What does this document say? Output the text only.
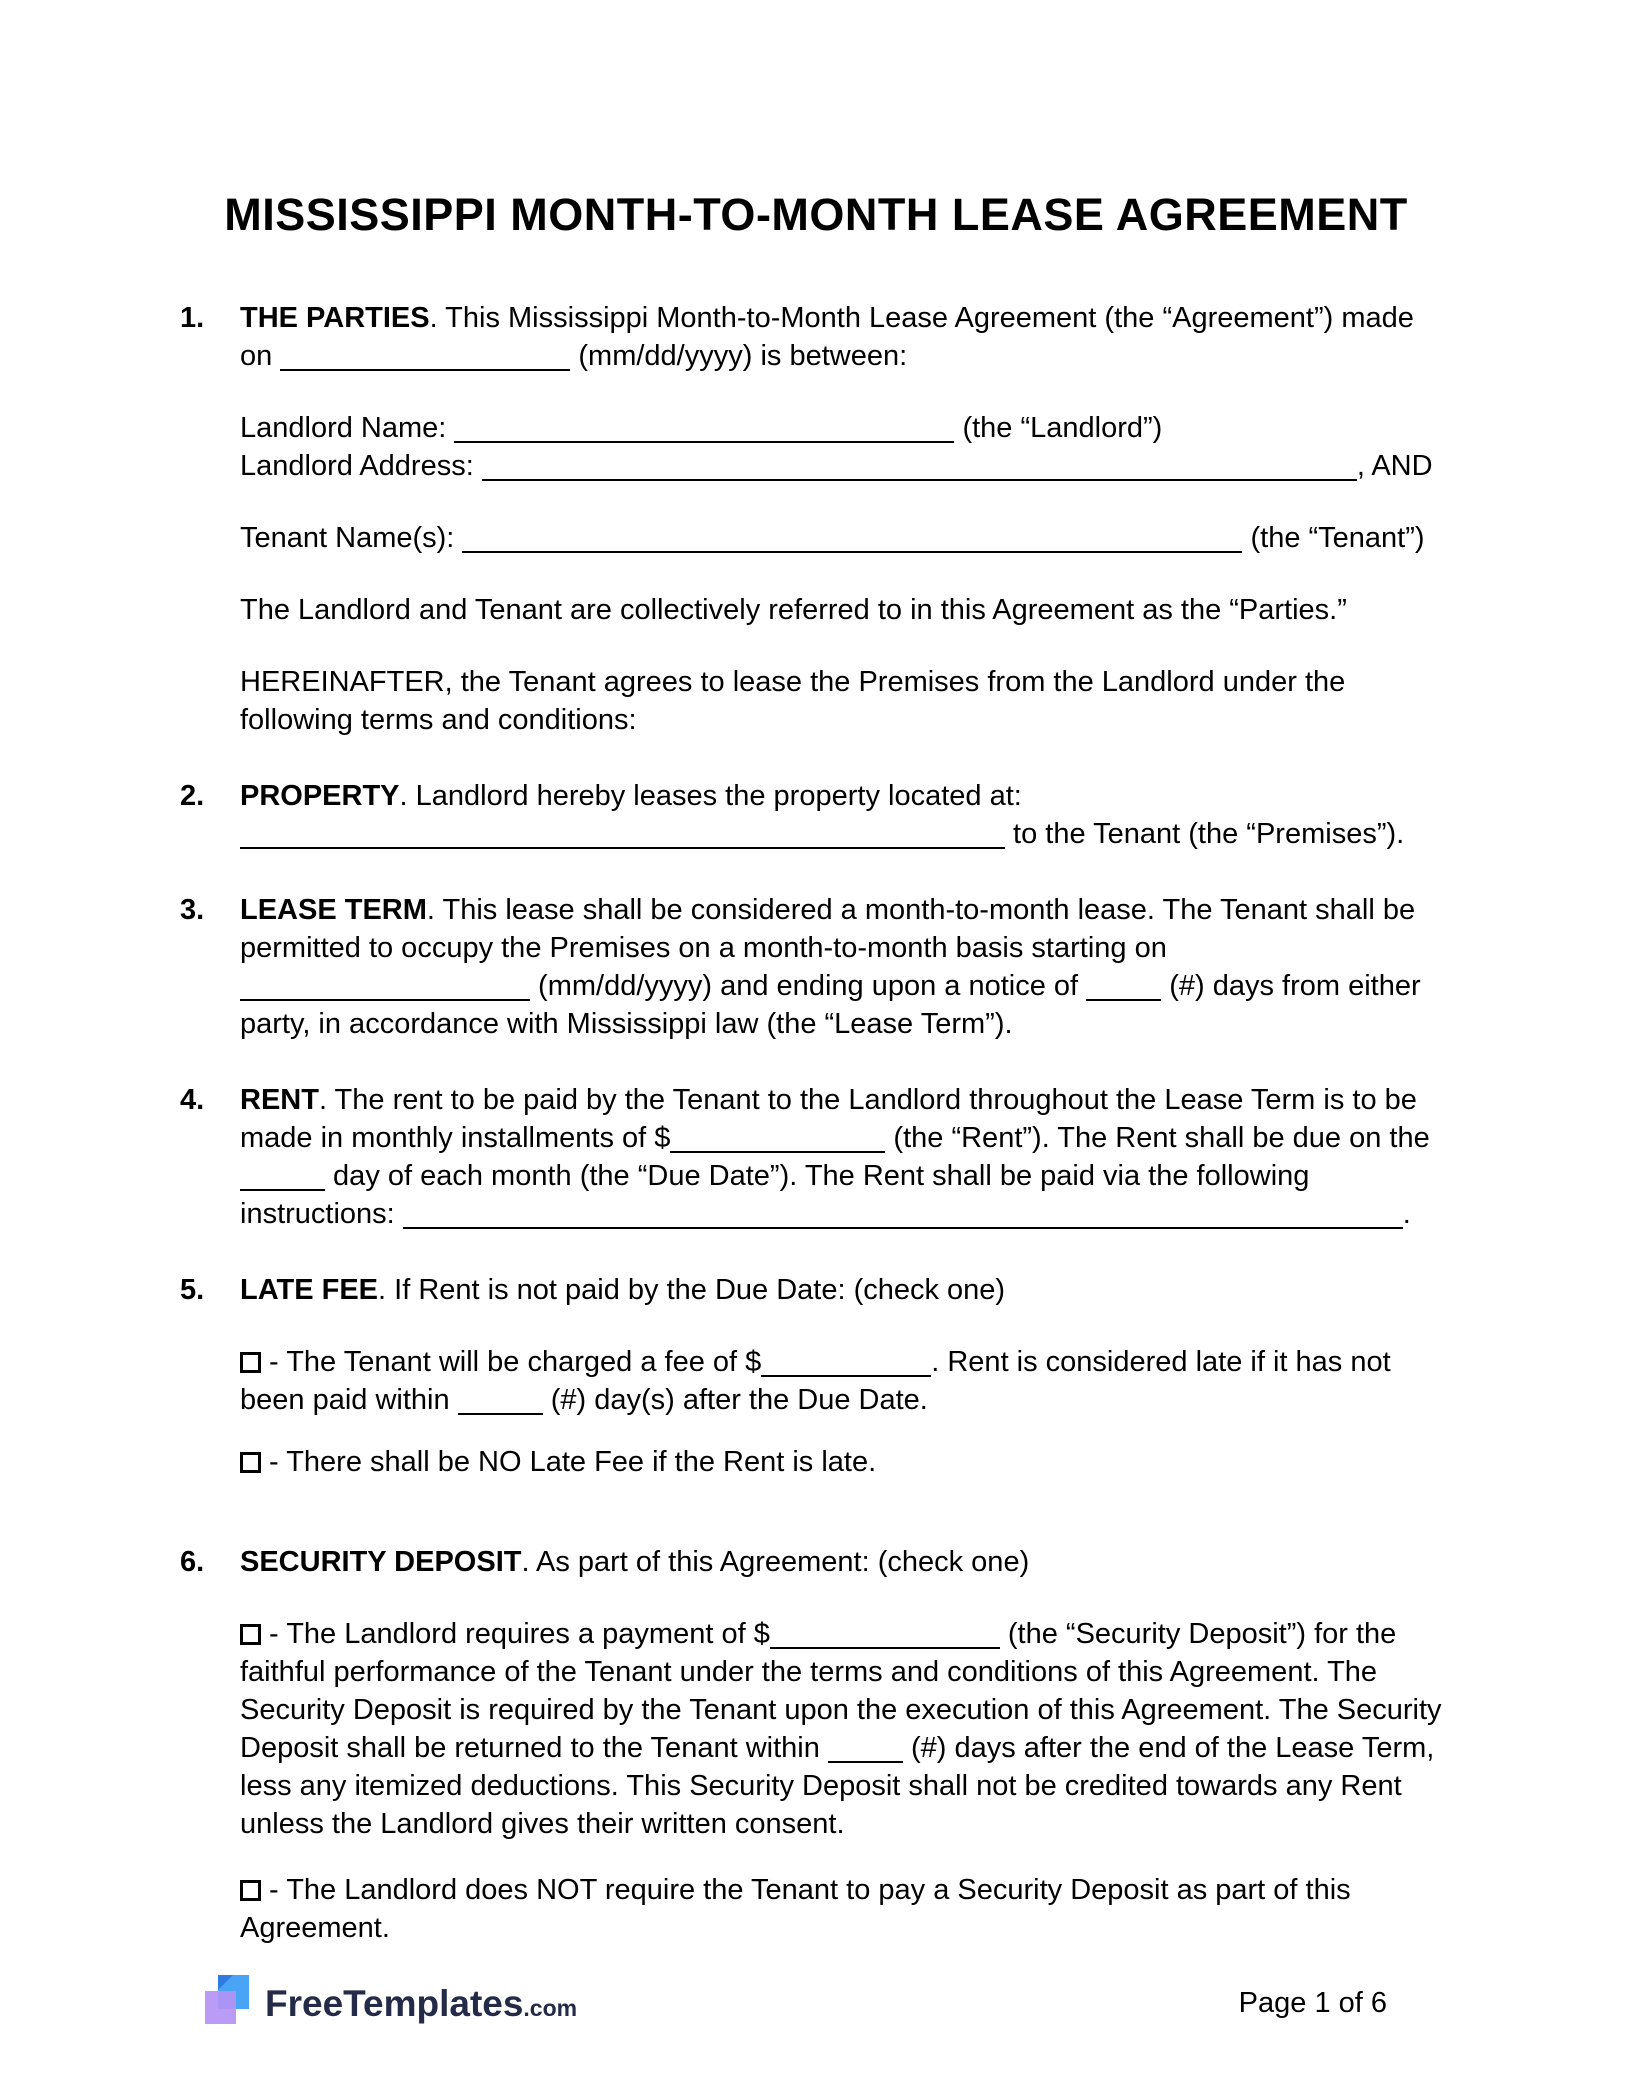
MISSISSIPPI MONTH-TO-MONTH LEASE AGREEMENT
1.	THE PARTIES. This Mississippi Month-to-Month Lease Agreement (the “Agreement”) made on	(mm/dd/yyyy) is between:

Landlord Name:	(the “Landlord”)

Landlord Address:	, AND

Tenant Name(s):	(the “Tenant”)

The Landlord and Tenant are collectively referred to in this Agreement as the “Parties.”

HEREINAFTER, the Tenant agrees to lease the Premises from the Landlord under the following terms and conditions:

2.	PROPERTY. Landlord hereby leases the property located at:
to the Tenant (the “Premises”).

3.	LEASE TERM. This lease shall be considered a month-to-month lease. The Tenant shall be permitted to occupy the Premises on a month-to-month basis starting on  (mm/dd/yyyy) and ending upon a notice of	(#) days from either party, in accordance with Mississippi law (the “Lease Term”).

4.	RENT. The rent to be paid by the Tenant to the Landlord throughout the Lease Term is to be made in monthly installments of $	(the “Rent”). The Rent shall be due on the  day of each month (the “Due Date”). The Rent shall be paid via the following instructions:	.

5.	LATE FEE. If Rent is not paid by the Due Date: (check one)

- The Tenant will be charged a fee of $	. Rent is considered late if it has not been paid within	(#) day(s) after the Due Date.

- There shall be NO Late Fee if the Rent is late.

6.	SECURITY DEPOSIT. As part of this Agreement: (check one)

- The Landlord requires a payment of $	(the “Security Deposit”) for the faithful performance of the Tenant under the terms and conditions of this Agreement. The Security Deposit is required by the Tenant upon the execution of this Agreement. The Security Deposit shall be returned to the Tenant within	(#) days after the end of the Lease Term, less any itemized deductions. This Security Deposit shall not be credited towards any Rent unless the Landlord gives their written consent.

- The Landlord does NOT require the Tenant to pay a Security Deposit as part of this Agreement.

FreeTemplates.com	Page 1 of 6
